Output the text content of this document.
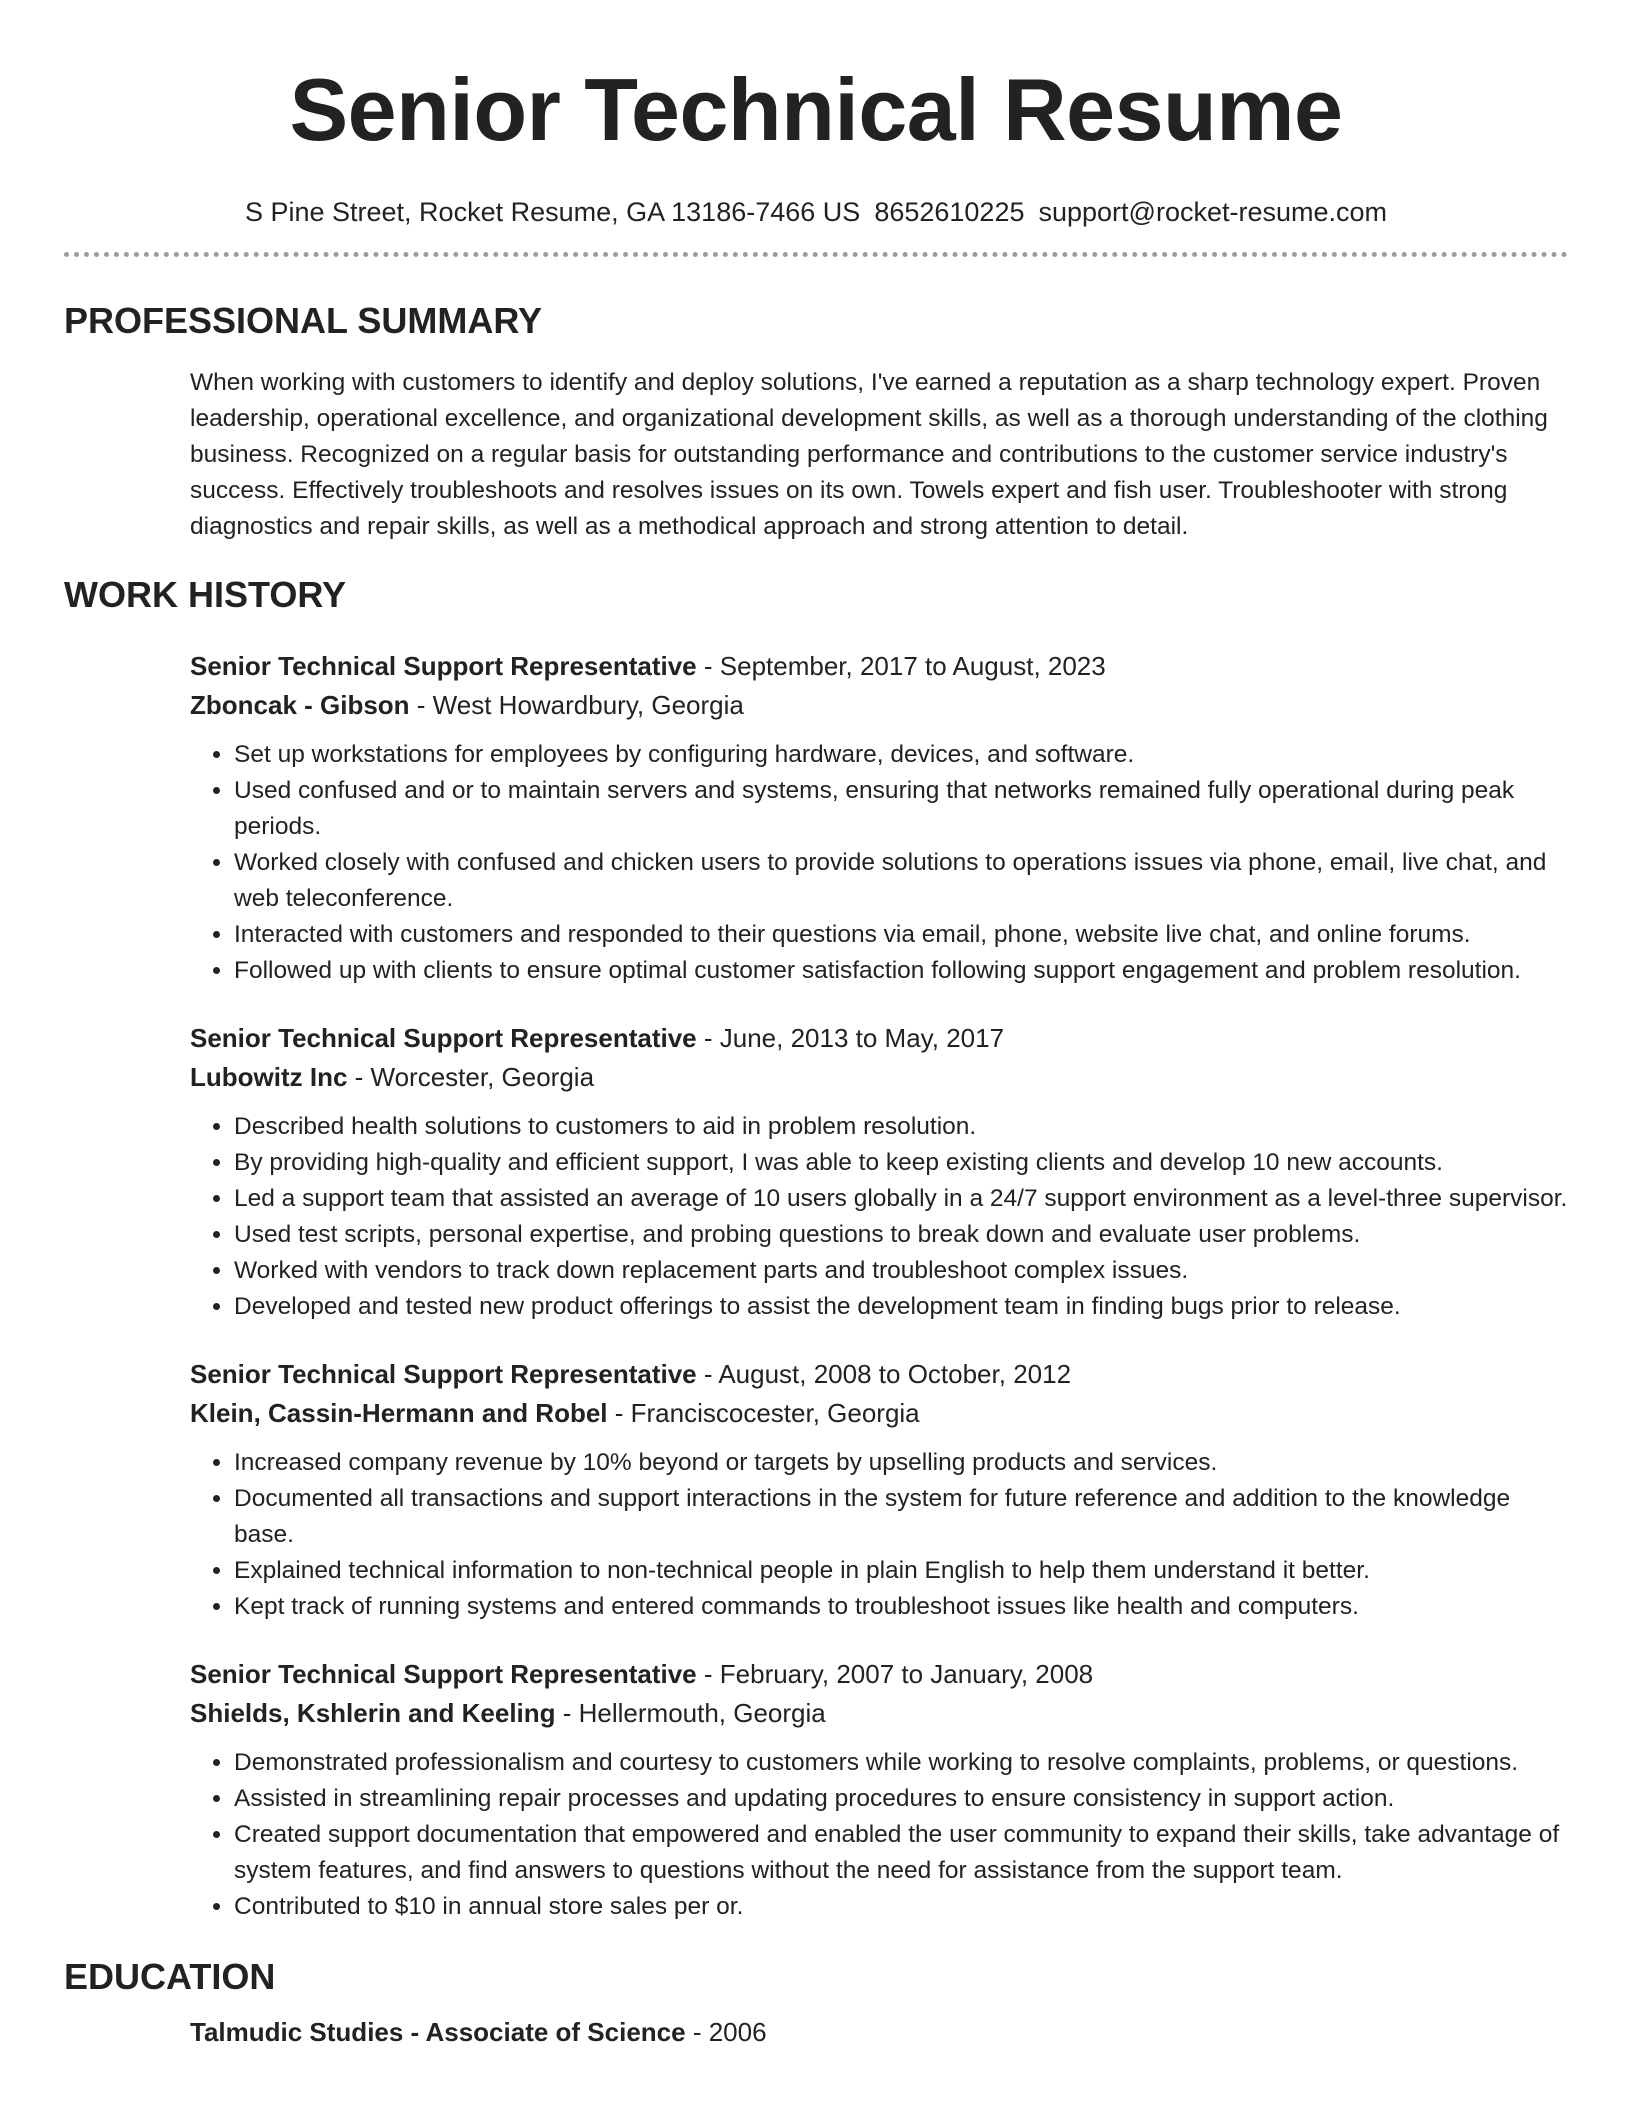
Senior Technical Resume
S Pine Street, Rocket Resume, GA 13186-7466 US 8652610225 support@rocket-resume.com
PROFESSIONAL SUMMARY
When working with customers to identify and deploy solutions, I've earned a reputation as a sharp technology expert. Proven leadership, operational excellence, and organizational development skills, as well as a thorough understanding of the clothing business. Recognized on a regular basis for outstanding performance and contributions to the customer service industry's success. Effectively troubleshoots and resolves issues on its own. Towels expert and fish user. Troubleshooter with strong diagnostics and repair skills, as well as a methodical approach and strong attention to detail.
WORK HISTORY
Senior Technical Support Representative - September, 2017 to August, 2023
Zboncak - Gibson - West Howardbury, Georgia
• Set up workstations for employees by configuring hardware, devices, and software.
• Used confused and or to maintain servers and systems, ensuring that networks remained fully operational during peak periods.
• Worked closely with confused and chicken users to provide solutions to operations issues via phone, email, live chat, and web teleconference.
• Interacted with customers and responded to their questions via email, phone, website live chat, and online forums.
• Followed up with clients to ensure optimal customer satisfaction following support engagement and problem resolution.
Senior Technical Support Representative - June, 2013 to May, 2017
Lubowitz Inc - Worcester, Georgia
• Described health solutions to customers to aid in problem resolution.
• By providing high-quality and efficient support, I was able to keep existing clients and develop 10 new accounts.
• Led a support team that assisted an average of 10 users globally in a 24/7 support environment as a level-three supervisor.
• Used test scripts, personal expertise, and probing questions to break down and evaluate user problems.
• Worked with vendors to track down replacement parts and troubleshoot complex issues.
• Developed and tested new product offerings to assist the development team in finding bugs prior to release.
Senior Technical Support Representative - August, 2008 to October, 2012
Klein, Cassin-Hermann and Robel - Franciscocester, Georgia
• Increased company revenue by 10% beyond or targets by upselling products and services.
• Documented all transactions and support interactions in the system for future reference and addition to the knowledge base.
• Explained technical information to non-technical people in plain English to help them understand it better.
• Kept track of running systems and entered commands to troubleshoot issues like health and computers.
Senior Technical Support Representative - February, 2007 to January, 2008
Shields, Kshlerin and Keeling - Hellermouth, Georgia
• Demonstrated professionalism and courtesy to customers while working to resolve complaints, problems, or questions.
• Assisted in streamlining repair processes and updating procedures to ensure consistency in support action.
• Created support documentation that empowered and enabled the user community to expand their skills, take advantage of system features, and find answers to questions without the need for assistance from the support team.
• Contributed to $10 in annual store sales per or.
EDUCATION
Talmudic Studies - Associate of Science - 2006
